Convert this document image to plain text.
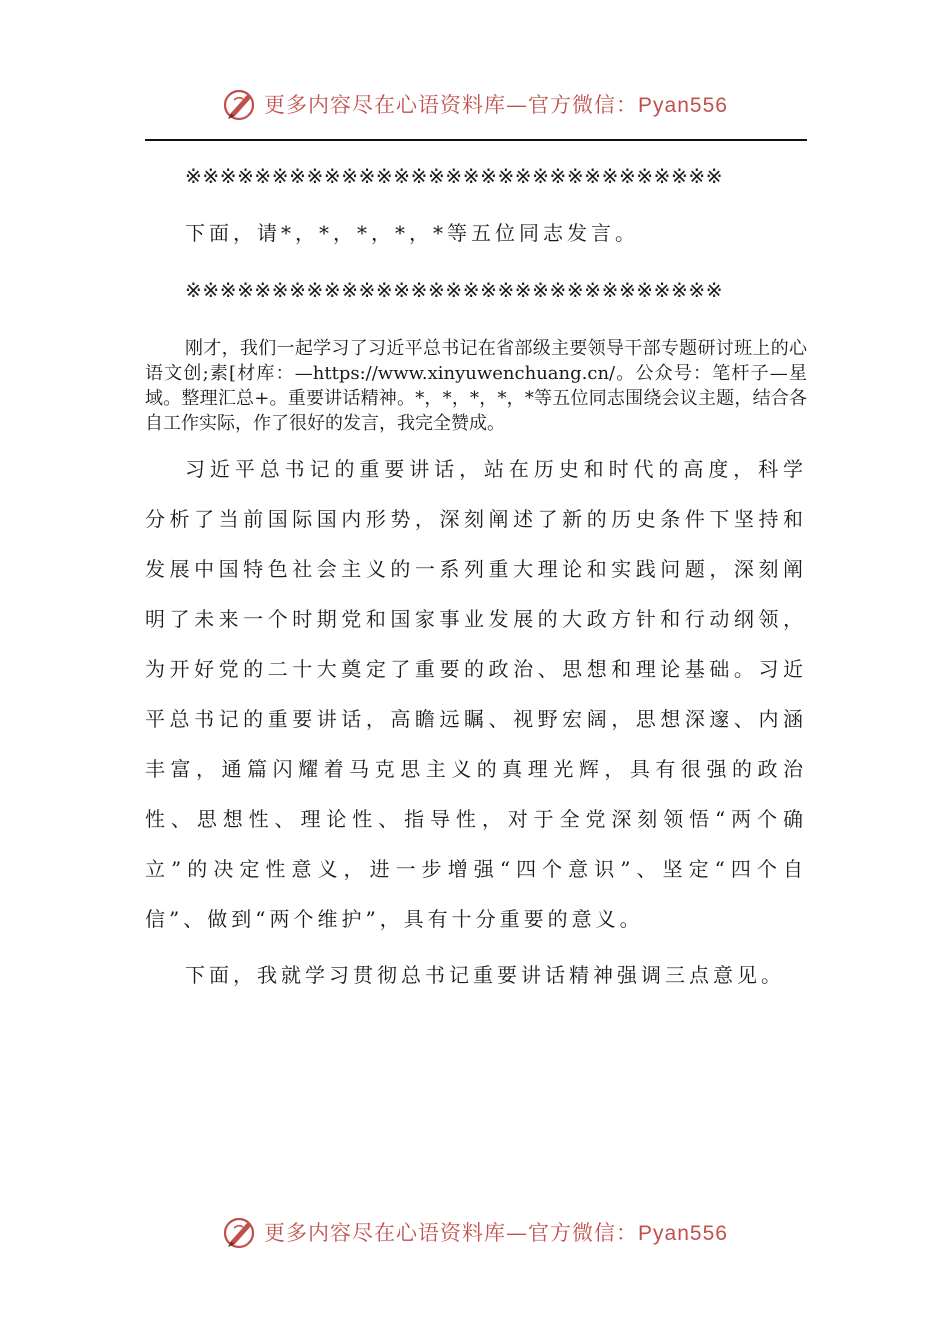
更多内容尽在心语资料库—官方微信：Pyan556

※※※※※※※※※※※※※※※※※※※※※※※※※※※※※※※

下面，请*，*，*，*，*等五位同志发言。

※※※※※※※※※※※※※※※※※※※※※※※※※※※※※※※

刚才，我们一起学习了习近平总书记在省部级主要领导干部专题研讨班上的心语文创;素[材库：—https://www.xinyuwenchuang.cn/。公众号：笔杆子—星域。整理汇总+。重要讲话精神。*，*，*，*，*等五位同志围绕会议主题，结合各自工作实际，作了很好的发言，我完全赞成。

习近平总书记的重要讲话，站在历史和时代的高度，科学分析了当前国际国内形势，深刻阐述了新的历史条件下坚持和发展中国特色社会主义的一系列重大理论和实践问题，深刻阐明了未来一个时期党和国家事业发展的大政方针和行动纲领，为开好党的二十大奠定了重要的政治、思想和理论基础。习近平总书记的重要讲话，高瞻远瞩、视野宏阔，思想深邃、内涵丰富，通篇闪耀着马克思主义的真理光辉，具有很强的政治性、思想性、理论性、指导性，对于全党深刻领悟“两个确立”的决定性意义，进一步增强“四个意识”、坚定“四个自信”、做到“两个维护”，具有十分重要的意义。

下面，我就学习贯彻总书记重要讲话精神强调三点意见。

更多内容尽在心语资料库—官方微信：Pyan556
